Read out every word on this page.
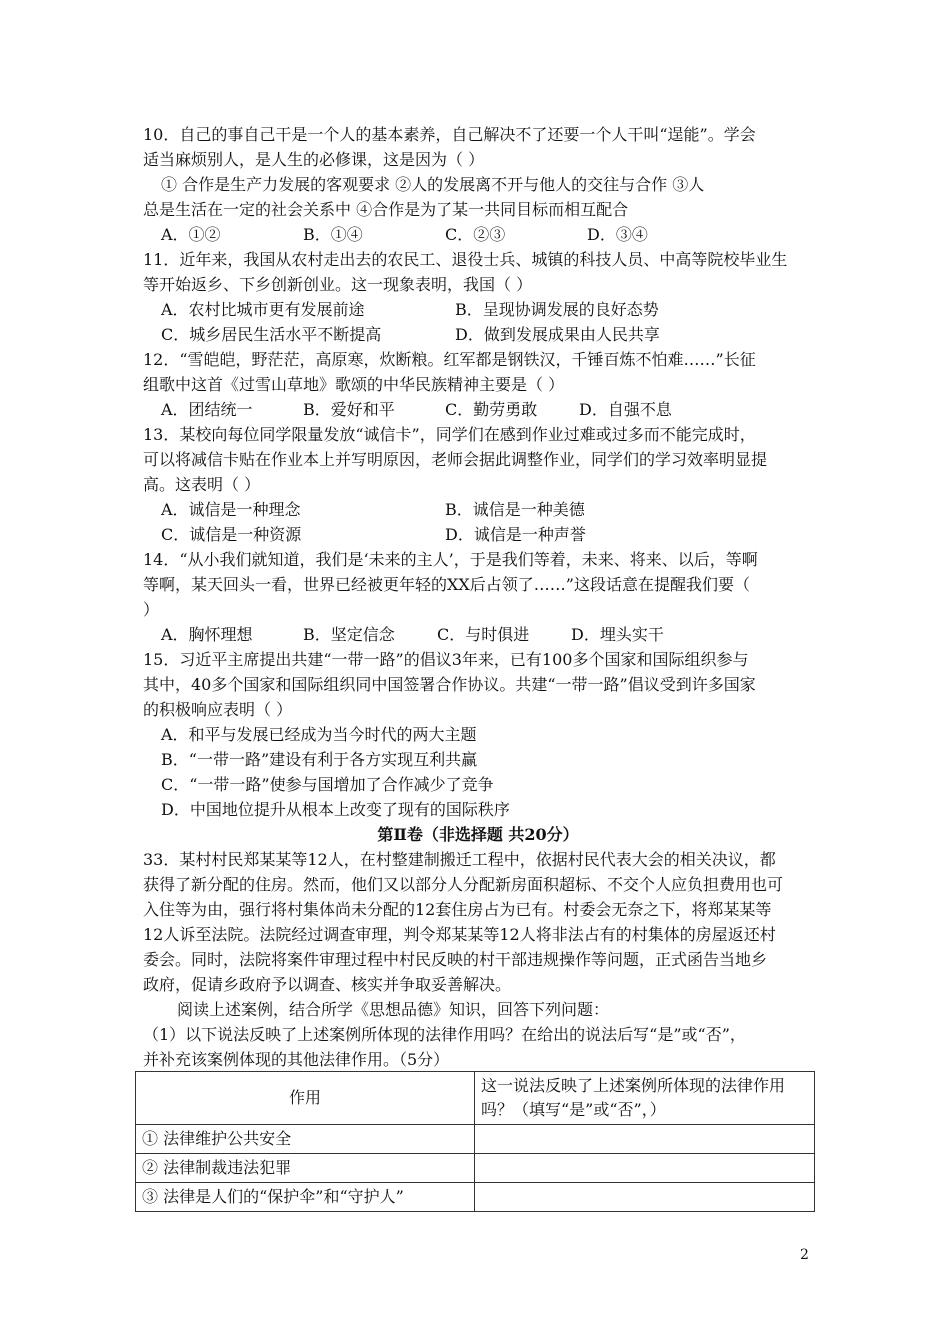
10．自己的事自己干是一个人的基本素养，自己解决不了还要一个人干叫“逞能”。学会
适当麻烦别人，是人生的必修课，这是因为（ ）
① 合作是生产力发展的客观要求 ②人的发展离不开与他人的交往与合作 ③人
总是生活在一定的社会关系中 ④合作是为了某一共同目标而相互配合
A．①②	B．①④	C．②③	D．③④
11．近年来，我国从农村走出去的农民工、退役士兵、城镇的科技人员、中高等院校毕业生
等开始返乡、下乡创新创业。这一现象表明，我国（ ）
A．农村比城市更有发展前途	B．呈现协调发展的良好态势
C．城乡居民生活水平不断提高	D．做到发展成果由人民共享
12．“雪皑皑，野茫茫，高原寒，炊断粮。红军都是钢铁汉，千锤百炼不怕难……”长征
组歌中这首《过雪山草地》歌颂的中华民族精神主要是（ ）
A．团结统一	B．爱好和平	C．勤劳勇敢	D．自强不息
13．某校向每位同学限量发放“诚信卡”，同学们在感到作业过难或过多而不能完成时，
可以将减信卡贴在作业本上并写明原因，老师会据此调整作业，同学们的学习效率明显提
高。这表明（ ）
A．诚信是一种理念	B．诚信是一种美德
C．诚信是一种资源	D．诚信是一种声誉
14．“从小我们就知道，我们是‘未来的主人’，于是我们等着，未来、将来、以后，等啊
等啊，某天回头一看，世界已经被更年轻的XX后占领了……”这段话意在提醒我们要（
）
A．胸怀理想	B．坚定信念	C．与时俱进	D．埋头实干
15．习近平主席提出共建“一带一路”的倡议3年来，已有100多个国家和国际组织参与
其中，40多个国家和国际组织同中国签署合作协议。共建“一带一路”倡议受到许多国家
的积极响应表明（ ）
A．和平与发展已经成为当今时代的两大主题
B．“一带一路”建设有利于各方实现互利共赢
C．“一带一路”使参与国增加了合作减少了竞争
D．中国地位提升从根本上改变了现有的国际秩序
第Ⅱ卷（非选择题 共20分）
33．某村村民郑某某等12人，在村整建制搬迁工程中，依据村民代表大会的相关决议，都
获得了新分配的住房。然而，他们又以部分人分配新房面积超标、不交个人应负担费用也可
入住等为由，强行将村集体尚未分配的12套住房占为已有。村委会无奈之下，将郑某某等
12人诉至法院。法院经过调查审理，判令郑某某等12人将非法占有的村集体的房屋返还村
委会。同时，法院将案件审理过程中村民反映的村干部违规操作等问题，正式函告当地乡
政府，促请乡政府予以调查、核实并争取妥善解决。
阅读上述案例，结合所学《思想品德》知识，回答下列问题：
（1）以下说法反映了上述案例所体现的法律作用吗？在给出的说法后写“是”或“否”，
并补充该案例体现的其他法律作用。（5分）
作用	这一说法反映了上述案例所体现的法律作用
吗？（填写“是”或“否”，）

① 法律维护公共安全	
② 法律制裁违法犯罪	
③ 法律是人们的“保护伞”和“守护人”	
2
